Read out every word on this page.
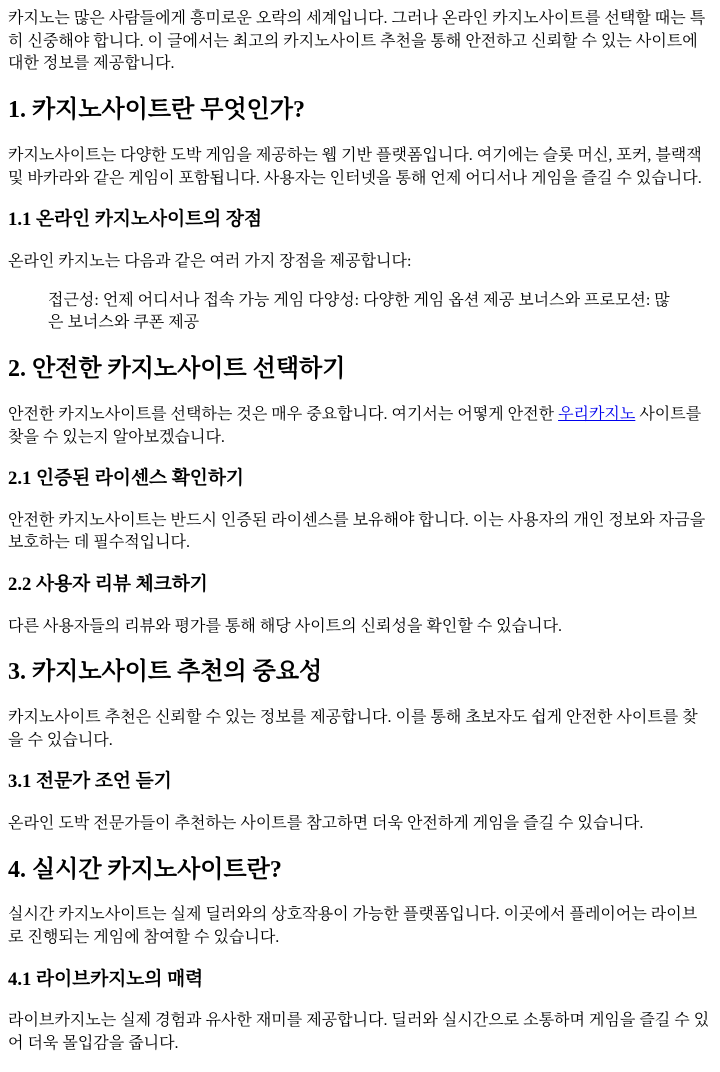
카지노는 많은 사람들에게 흥미로운 오락의 세계입니다. 그러나 온라인 카지노사이트를 선택할 때는 특히 신중해야 합니다. 이 글에서는 최고의 카지노사이트 추천을 통해 안전하고 신뢰할 수 있는 사이트에 대한 정보를 제공합니다.

1. 카지노사이트란 무엇인가?

카지노사이트는 다양한 도박 게임을 제공하는 웹 기반 플랫폼입니다. 여기에는 슬롯 머신, 포커, 블랙잭 및 바카라와 같은 게임이 포함됩니다. 사용자는 인터넷을 통해 언제 어디서나 게임을 즐길 수 있습니다.

1.1 온라인 카지노사이트의 장점

온라인 카지노는 다음과 같은 여러 가지 장점을 제공합니다:

접근성: 언제 어디서나 접속 가능 게임 다양성: 다양한 게임 옵션 제공 보너스와 프로모션: 많은 보너스와 쿠폰 제공
2. 안전한 카지노사이트 선택하기

안전한 카지노사이트를 선택하는 것은 매우 중요합니다. 여기서는 어떻게 안전한 우리카지노 사이트를 찾을 수 있는지 알아보겠습니다.

2.1 인증된 라이센스 확인하기

안전한 카지노사이트는 반드시 인증된 라이센스를 보유해야 합니다. 이는 사용자의 개인 정보와 자금을 보호하는 데 필수적입니다.

2.2 사용자 리뷰 체크하기

다른 사용자들의 리뷰와 평가를 통해 해당 사이트의 신뢰성을 확인할 수 있습니다.

3. 카지노사이트 추천의 중요성

카지노사이트 추천은 신뢰할 수 있는 정보를 제공합니다. 이를 통해 초보자도 쉽게 안전한 사이트를 찾을 수 있습니다.

3.1 전문가 조언 듣기

온라인 도박 전문가들이 추천하는 사이트를 참고하면 더욱 안전하게 게임을 즐길 수 있습니다.

4. 실시간 카지노사이트란?

실시간 카지노사이트는 실제 딜러와의 상호작용이 가능한 플랫폼입니다. 이곳에서 플레이어는 라이브로 진행되는 게임에 참여할 수 있습니다.

4.1 라이브카지노의 매력

라이브카지노는 실제 경험과 유사한 재미를 제공합니다. 딜러와 실시간으로 소통하며 게임을 즐길 수 있어 더욱 몰입감을 줍니다.
